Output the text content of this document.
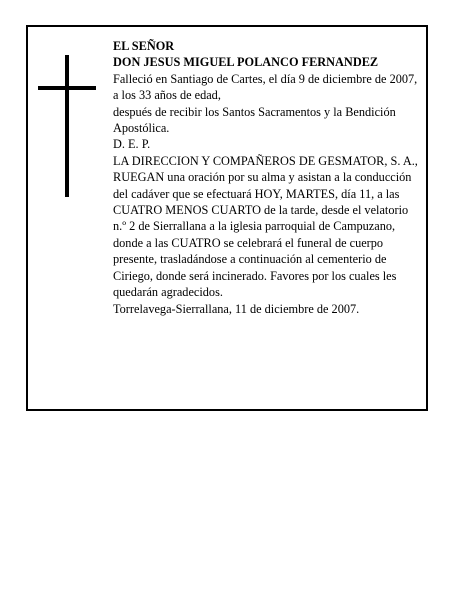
EL SEÑOR

DON JESUS MIGUEL POLANCO FERNANDEZ

Falleció en Santiago de Cartes, el día 9 de diciembre de 2007, a los 33 años de edad,

después de recibir los Santos Sacramentos y la Bendición Apostólica.

D. E. P.

LA DIRECCION Y COMPAÑEROS DE GESMATOR, S. A.,

RUEGAN una oración por su alma y asistan a la conducción del cadáver que se efectuará HOY, MARTES, día 11, a las CUATRO MENOS CUARTO de la tarde, desde el velatorio n.º 2 de Sierrallana a la iglesia parroquial de Campuzano, donde a las CUATRO se celebrará el funeral de cuerpo presente, trasladándose a continuación al cementerio de Ciriego, donde será incinerado. Favores por los cuales les quedarán agradecidos.

Torrelavega-Sierrallana, 11 de diciembre de 2007.
